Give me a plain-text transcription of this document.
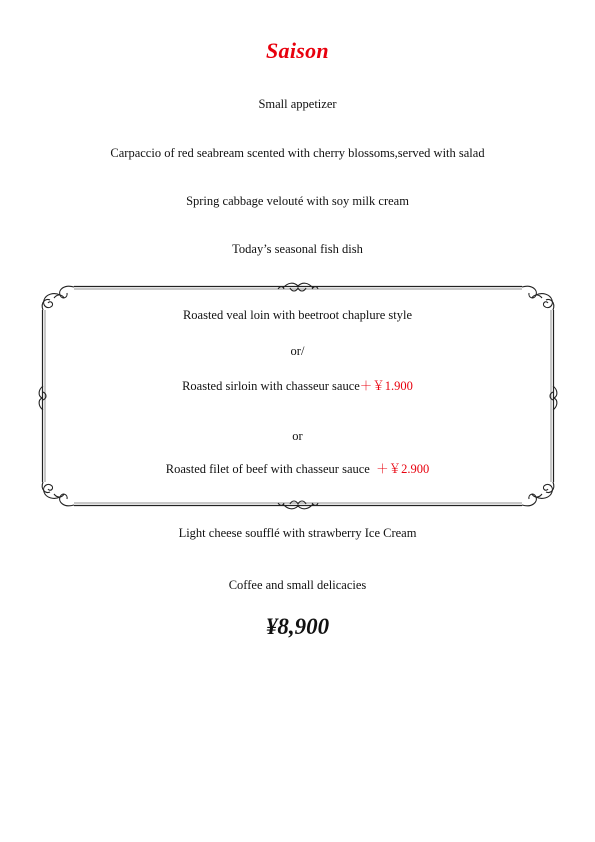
Saison
Small appetizer
Carpaccio of red seabream scented with cherry blossoms,served with salad
Spring cabbage velouté with soy milk cream
Today’s seasonal fish dish
Roasted veal loin with beetroot chaplure style
or/
Roasted sirloin with chasseur sauce＋￥1.900
or
Roasted filet of beef with chasseur sauce ＋￥2.900
Light cheese soufflé with strawberry Ice Cream
Coffee and small delicacies
¥8,900
